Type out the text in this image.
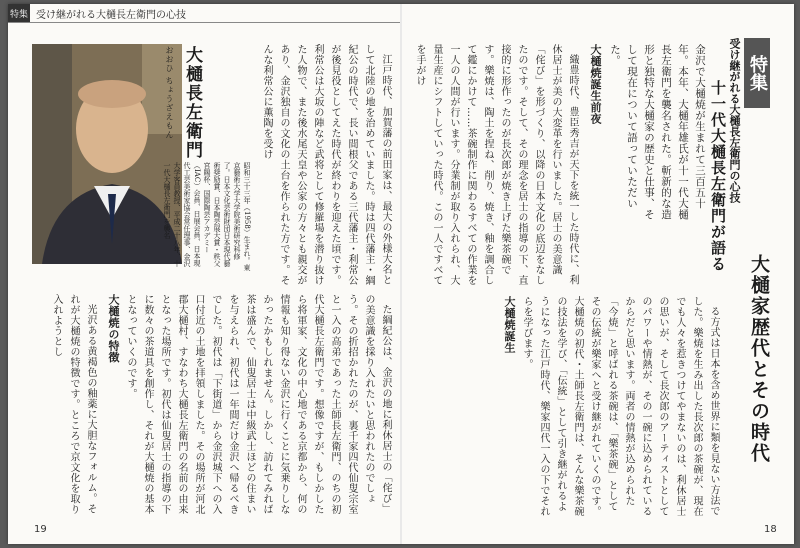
特集 受け継がれる大樋長左衛門の心技
大樋長左衛門
おおひ ちょうざえもん
昭和三十三年（1958）生まれ。東京藝術大学大学院美術研究科修了。日本文化芸術財団日本現代藝術奨励賞、日本陶芸展大賞・秩父宮賜杯、国際陶芸アカデミー（IAC）会員、日展会員、日本現代工芸美術家協会常任理事、金沢大学客員教授、平成二十八年、十一代大樋長左衛門を襲名	江戸時代、加賀藩の前田家は、最大の外様大名として北陸の地を治めていました。時は四代藩主・綱紀公の時代で、長い間根父である三代藩主・利常公が後見役としてえた時代が終わりを迎えた頃です。利常公は大坂の陣など武将として修羅場を潜り抜けた人物で、また後水尾天皇や公家の方々とも親交があり、金沢独自の文化の土台を作られた方です。そんな利常公に薫陶を受け

た綱紀公は、金沢の地に利休居士の「侘び」の美意識を採り入れたいと思われたのでしょう。その折招かれたのが、裏千家四代仙叟宗室と一入の高弟であった土師長左衛門、のちの初代大樋長左衛門です。想像ですが、もしかしたら将軍家、文化の中心地である京都から、何の情報も知り得ない金沢に行くことに気乗りしなかったかもしれません。しかし、訪れてみれば茶は盛んで、仙叟居士は中級武士ほどの住まいを与えられ、初代は一年間だけ金沢へ帰るべきでした。初代は「下街道」から金沢城下への入口付近の土地を拝領しました。その場所が河北郡大樋村、すなわち大樋長左衛門の名前の由来となった場所です。初代は仙叟居士の指導の下に数々の茶道具を創作し、それが大樋焼の基本となっていくのです。

大樋焼の特徴

光沢ある黄褐色の釉薬に大胆なフォルム。それが大樋焼の特徴です。ところで京文化を取り入れようとし

19
特集
受け継がれる大樋長左衛門の心技
十一代大樋長左衛門が語る
大樋家歴代とその時代

金沢で大樋焼が生まれて三百五十年。本年、大樋年雄氏が十一代大樋長左衛門を襲名された。斬新的な造形と独特な大樋家の歴史と仕事、そして現在について語っていただいた。

大樋焼誕生前夜

織豊時代、豊臣秀吉が天下を統一した時代に、利休居士が美の大変革を行いました。居士の美意識「侘び」を形づくり、以降の日本文化の底辺をなしたのです。そして、その理念を居士の指導の下、直接的に形作ったのが長次郎が焼き上げた樂茶碗です。樂焼は、陶土を捏ね、削り、焼き、釉を調合して鑑にかけて……茶碗制作に関わるすべての作業を一人の人間が行います。分業制が取り入れられ、大量生産にシフトしていった時代。この一人ですべてを手がけ

る方式は日本を含め世界に類を見ない方法でした。樂焼を生み出した長次郎の茶碗が、現在でも人々を惹きつけてやまないのは、利休居士の思いが、そして長次郎のアーティストとしてのパワーや情熱が、その一碗に込められているからだと思います。両者の情熱が込められた「今焼」と呼ばれる茶碗は、「樂茶碗」としてその伝統が樂家へと受け継がれていくのです。大樋焼の初代・土師長左衛門は、そんな樂茶碗の技法を学び、「伝統」として引き継がれるようになった江戸時代、樂家四代一入の下でそれらを学びます。

大樋焼誕生
18
